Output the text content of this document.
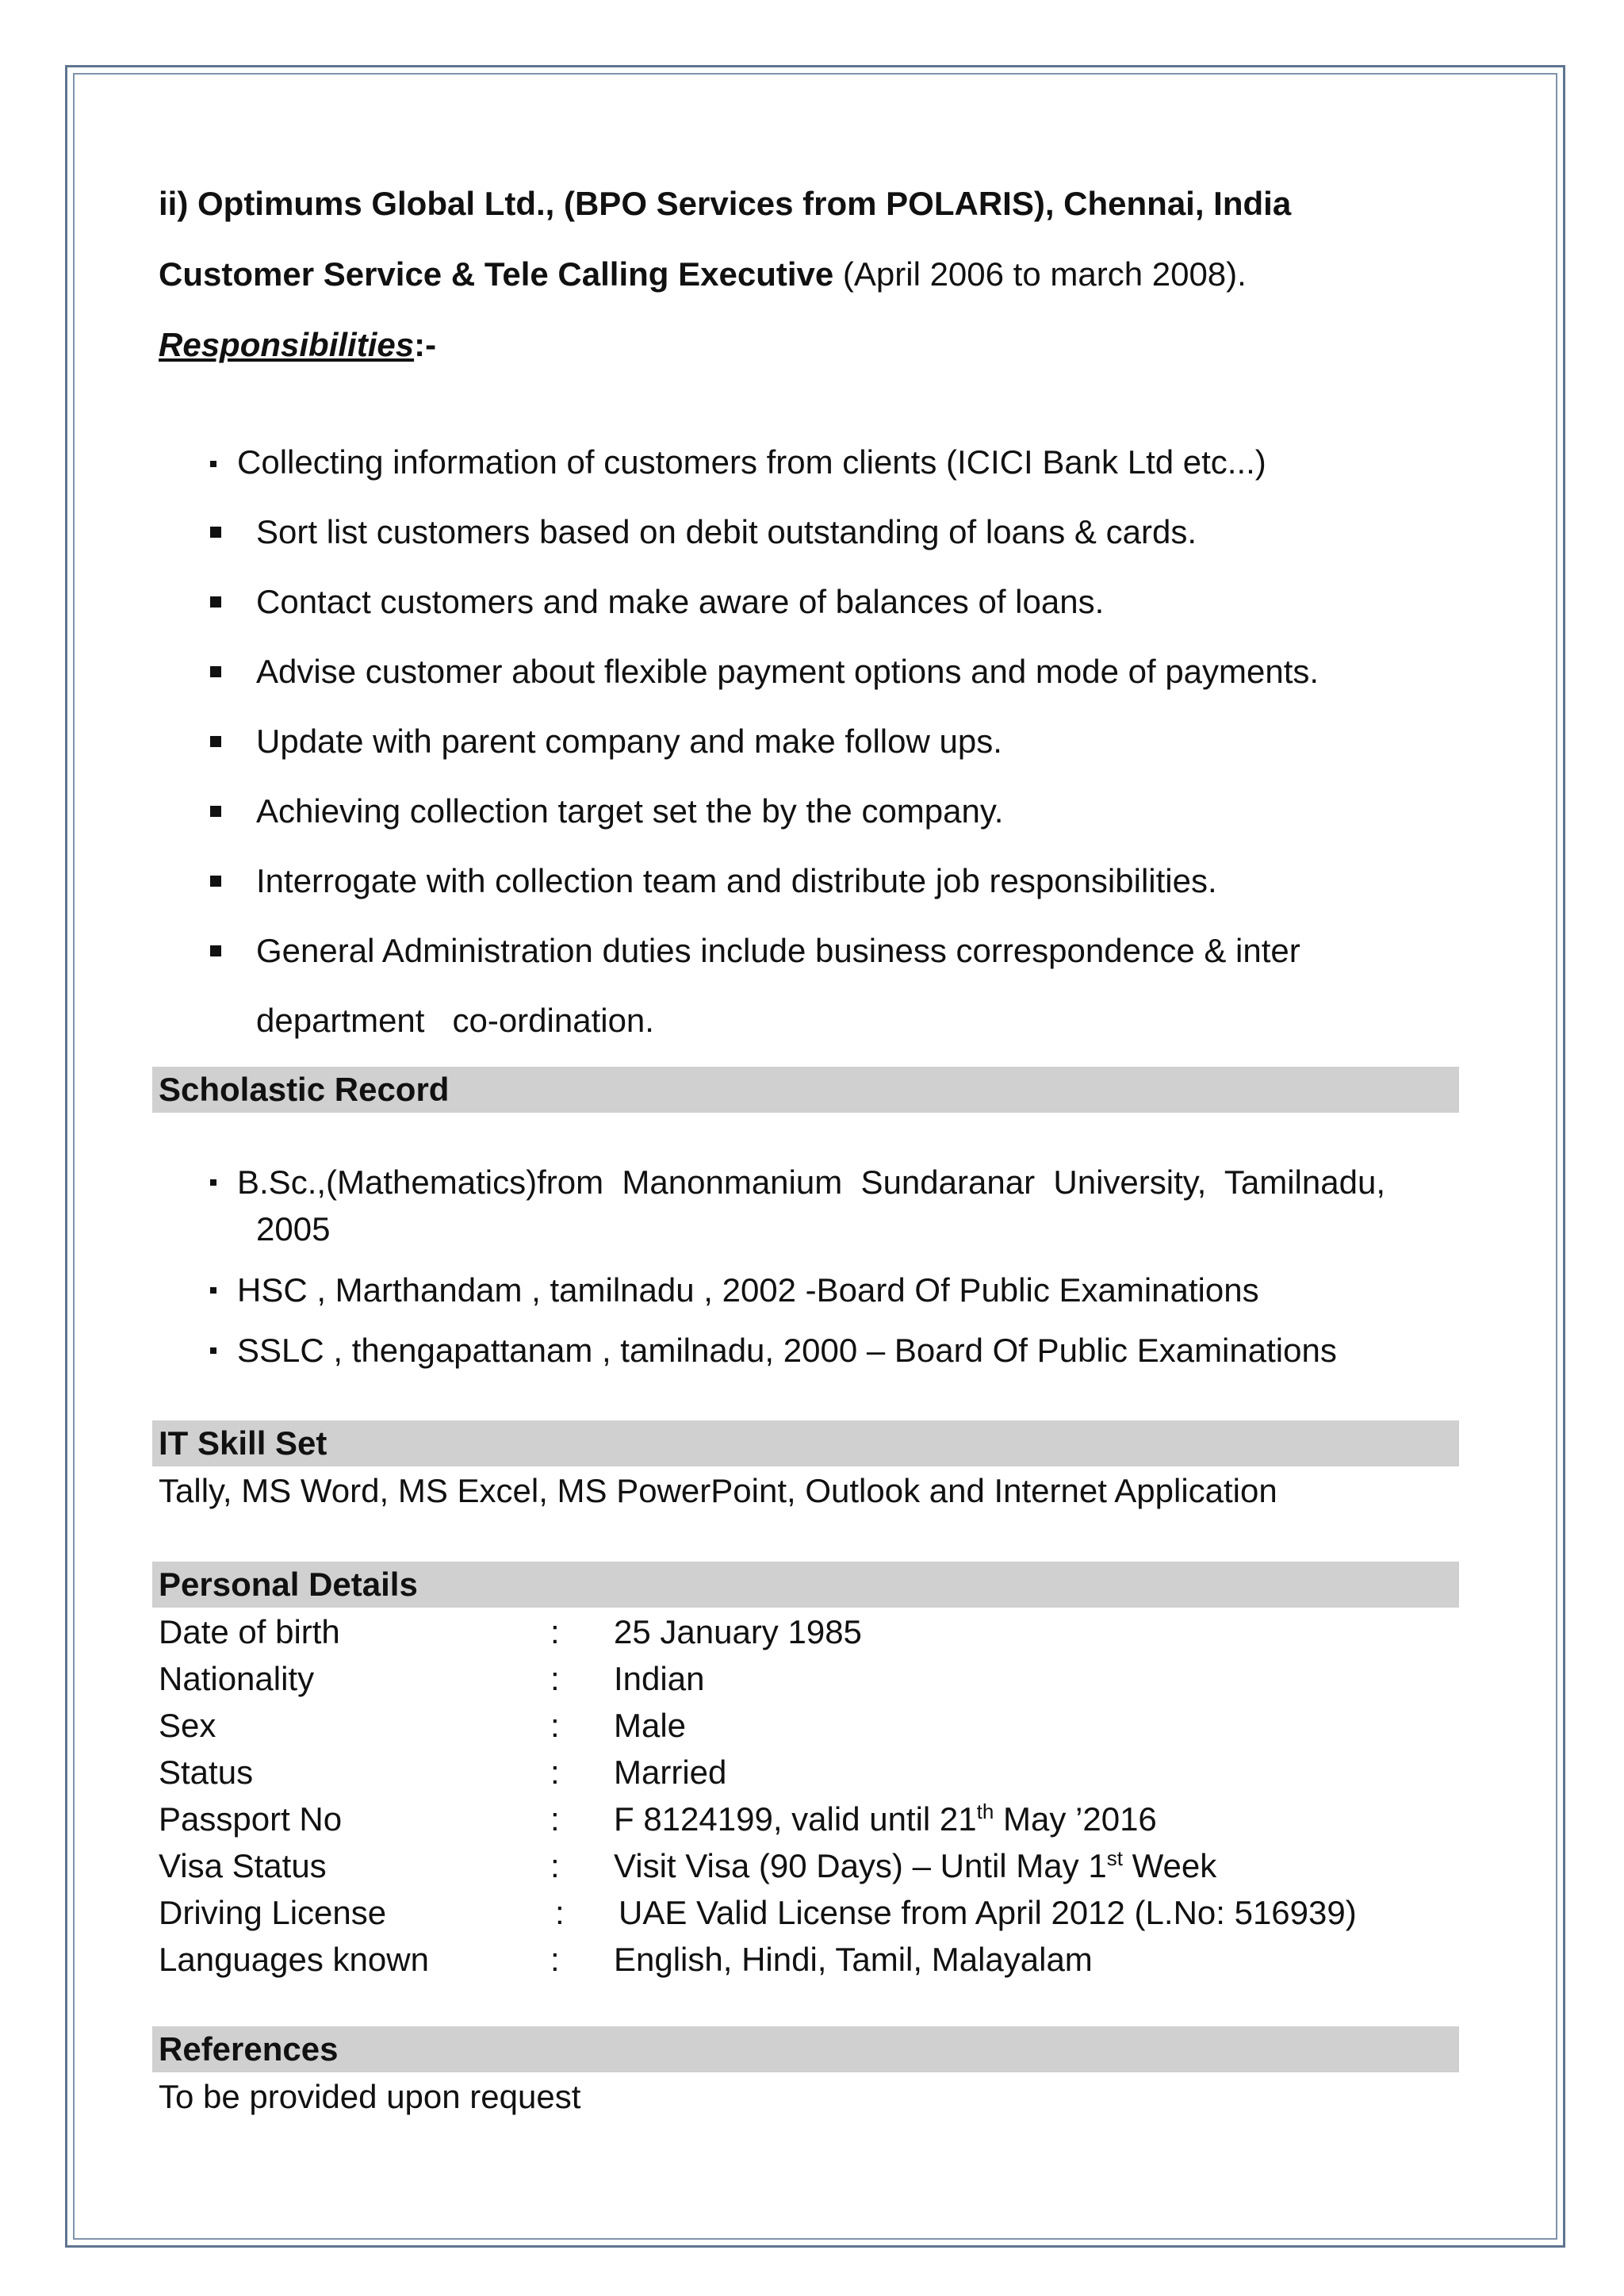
ii) Optimums Global Ltd., (BPO Services from POLARIS), Chennai, India
Customer Service & Tele Calling Executive (April 2006 to march 2008).
Responsibilities:-
Collecting information of customers from clients (ICICI Bank Ltd etc...)
Sort list customers based on debit outstanding of loans & cards.
Contact customers and make aware of balances of loans.
Advise customer about flexible payment options and mode of payments.
Update with parent company and make follow ups.
Achieving collection target set the by the company.
Interrogate with collection team and distribute job responsibilities.
General Administration duties include business correspondence & inter
department   co-ordination.
Scholastic Record
B.Sc.,(Mathematics)from  Manonmanium  Sundaranar  University,  Tamilnadu,
2005
HSC , Marthandam , tamilnadu , 2002 -Board Of Public Examinations
SSLC , thengapattanam , tamilnadu, 2000 – Board Of Public Examinations
IT Skill Set
Tally, MS Word, MS Excel, MS PowerPoint, Outlook and Internet Application
Personal Details
Date of birth	: 25 January 1985
Nationality	: Indian
Sex	: Male
Status	: Married
Passport No	: F 8124199, valid until 21th May ’2016
Visa Status	: Visit Visa (90 Days) – Until May 1st Week
Driving License	: UAE Valid License from April 2012 (L.No: 516939)
Languages known	: English, Hindi, Tamil, Malayalam
References
To be provided upon request
